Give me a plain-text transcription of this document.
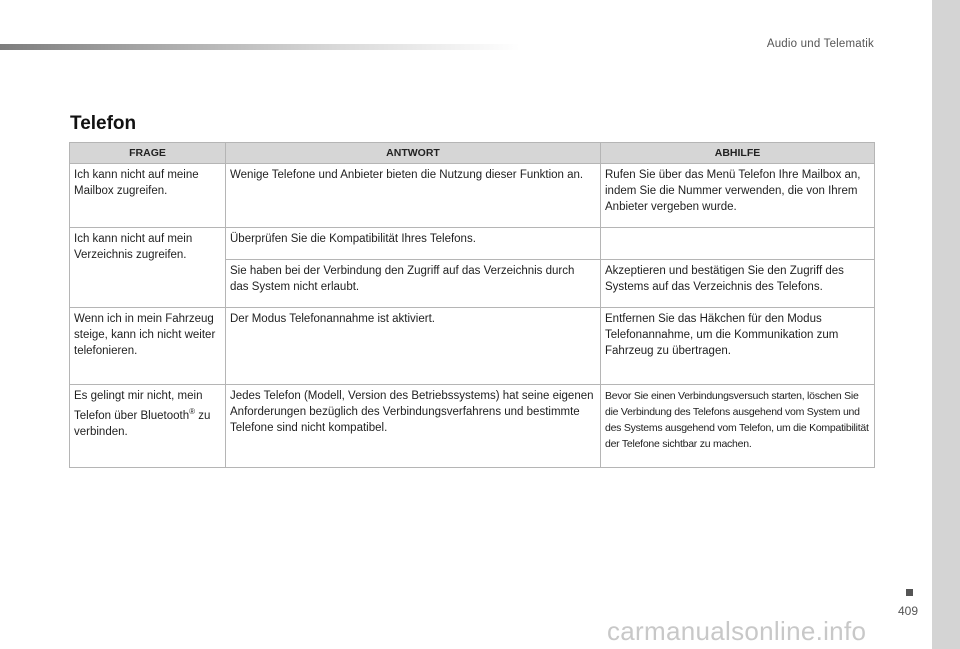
Audio und Telematik
Telefon
FRAGE	ANTWORT	ABHILFE
Ich kann nicht auf meine Mailbox zugreifen.	Wenige Telefone und Anbieter bieten die Nutzung dieser Funktion an.	Rufen Sie über das Menü Telefon Ihre Mailbox an, indem Sie die Nummer verwenden, die von Ihrem Anbieter vergeben wurde.
Ich kann nicht auf mein Verzeichnis zugreifen.	Überprüfen Sie die Kompatibilität Ihres Telefons.	
	Sie haben bei der Verbindung den Zugriff auf das Verzeichnis durch das System nicht erlaubt.	Akzeptieren und bestätigen Sie den Zugriff des Systems auf das Verzeichnis des Telefons.
Wenn ich in mein Fahrzeug steige, kann ich nicht weiter telefonieren.	Der Modus Telefonannahme ist aktiviert.	Entfernen Sie das Häkchen für den Modus Telefonannahme, um die Kommunikation zum Fahrzeug zu übertragen.
Es gelingt mir nicht, mein Telefon über Bluetooth® zu verbinden.	Jedes Telefon (Modell, Version des Betriebssystems) hat seine eigenen Anforderungen bezüglich des Verbindungsverfahrens und bestimmte Telefone sind nicht kompatibel.	Bevor Sie einen Verbindungsversuch starten, löschen Sie die Verbindung des Telefons ausgehend vom System und des Systems ausgehend vom Telefon, um die Kompatibilität der Telefone sichtbar zu machen.
409
carmanualsonline.info
